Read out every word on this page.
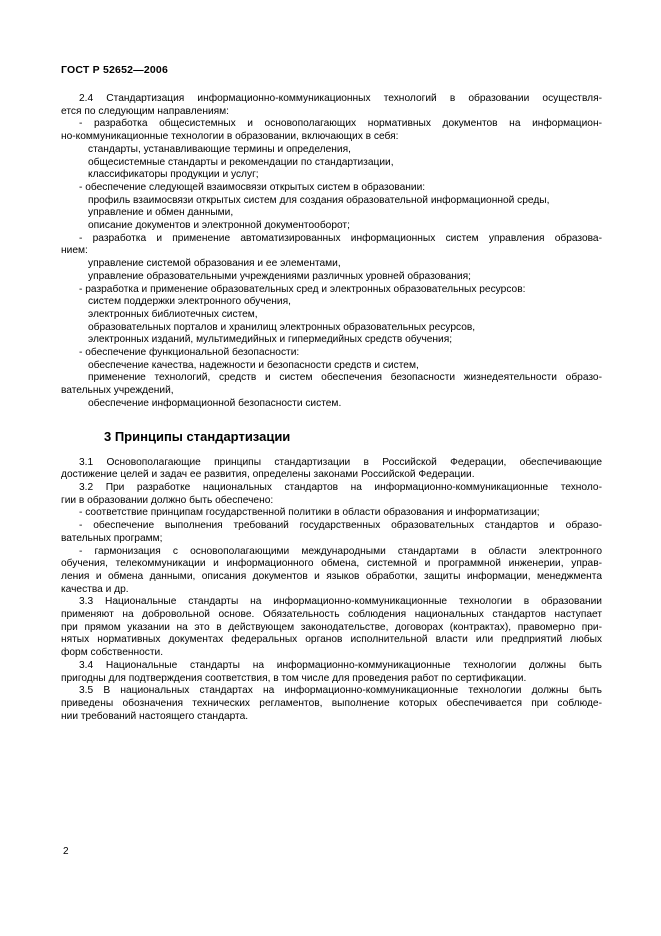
ГОСТ Р 52652—2006
2.4 Стандартизация информационно-коммуникационных технологий в образовании осуществля-
ется по следующим направлениям:
- разработка общесистемных и основополагающих нормативных документов на информацион-
но-коммуникационные технологии в образовании, включающих в себя:
стандарты, устанавливающие термины и определения,
общесистемные стандарты и рекомендации по стандартизации,
классификаторы продукции и услуг;
- обеспечение следующей взаимосвязи открытых систем в образовании:
профиль взаимосвязи открытых систем для создания образовательной информационной среды,
управление и обмен данными,
описание документов и электронной документооборот;
- разработка и применение автоматизированных информационных систем управления образова-
нием:
управление системой образования и ее элементами,
управление образовательными учреждениями различных уровней образования;
- разработка и применение образовательных сред и электронных образовательных ресурсов:
систем поддержки электронного обучения,
электронных библиотечных систем,
образовательных порталов и хранилищ электронных образовательных ресурсов,
электронных изданий, мультимедийных и гипермедийных средств обучения;
- обеспечение функциональной безопасности:
обеспечение качества, надежности и безопасности средств и систем,
применение технологий, средств и систем обеспечения безопасности жизнедеятельности образо-
вательных учреждений,
обеспечение информационной безопасности систем.
3 Принципы стандартизации
3.1 Основополагающие принципы стандартизации в Российской Федерации, обеспечивающие
достижение целей и задач ее развития, определены законами Российской Федерации.
3.2 При разработке национальных стандартов на информационно-коммуникационные техноло-
гии в образовании должно быть обеспечено:
- соответствие принципам государственной политики в области образования и информатизации;
- обеспечение выполнения требований государственных образовательных стандартов и образо-
вательных программ;
- гармонизация с основополагающими международными стандартами в области электронного
обучения, телекоммуникации и информационного обмена, системной и программной инженерии, управ-
ления и обмена данными, описания документов и языков обработки, защиты информации, менеджмента
качества и др.
3.3 Национальные стандарты на информационно-коммуникационные технологии в образовании
применяют на добровольной основе. Обязательность соблюдения национальных стандартов наступает
при прямом указании на это в действующем законодательстве, договорах (контрактах), правомерно при-
нятых нормативных документах федеральных органов исполнительной власти или предприятий любых
форм собственности.
3.4 Национальные стандарты на информационно-коммуникационные технологии должны быть
пригодны для подтверждения соответствия, в том числе для проведения работ по сертификации.
3.5 В национальных стандартах на информационно-коммуникационные технологии должны быть
приведены обозначения технических регламентов, выполнение которых обеспечивается при соблюде-
нии требований настоящего стандарта.
2
